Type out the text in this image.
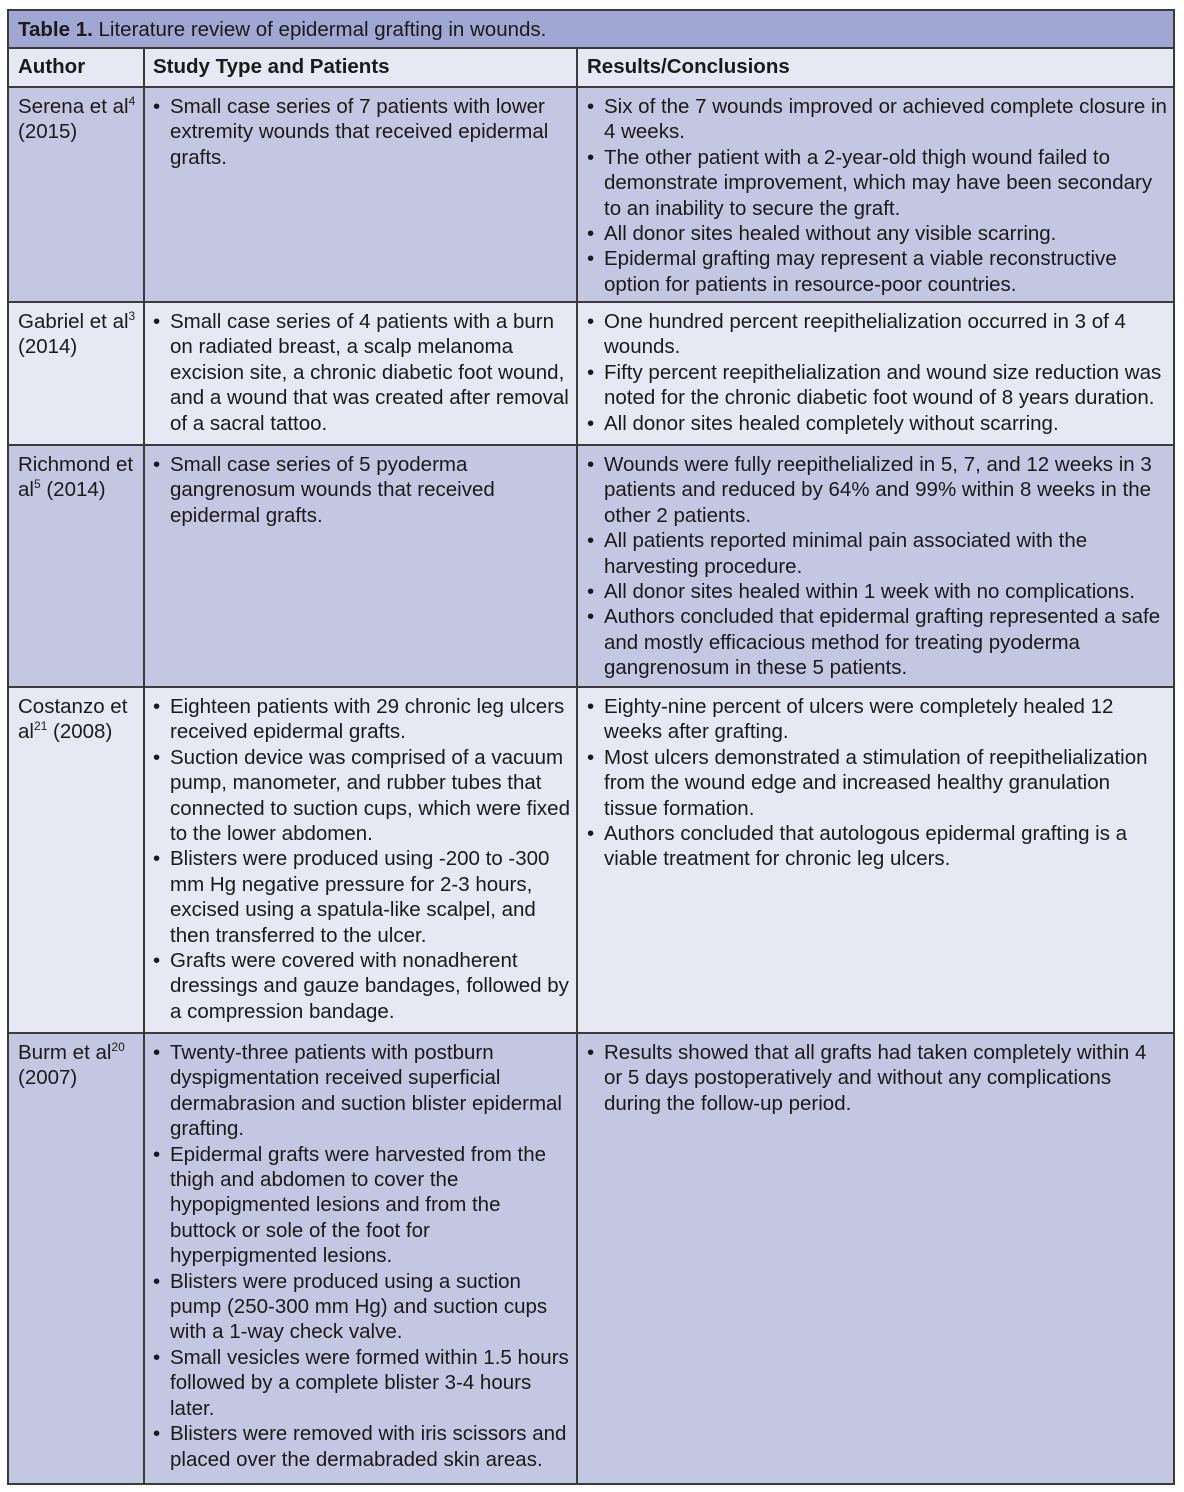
Table 1. Literature review of epidermal grafting in wounds.
Author	Study Type and Patients	Results/Conclusions
Serena et $al^4$
(2015)
• Small case series of 7 patients with lower extremity wounds that received epidermal grafts.
• Six of the 7 wounds improved or achieved complete closure in 4 weeks.
• The other patient with a 2-year-old thigh wound failed to demonstrate improvement, which may have been secondary to an inability to secure the graft.
• All donor sites healed without any visible scarring.
• Epidermal grafting may represent a viable reconstructive option for patients in resource-poor countries.
Gabriel et $al^3$
(2014)
• Small case series of 4 patients with a burn on radiated breast, a scalp melanoma excision site, a chronic diabetic foot wound, and a wound that was created after removal of a sacral tattoo.
• One hundred percent reepithelialization occurred in 3 of 4 wounds.
• Fifty percent reepithelialization and wound size reduction was noted for the chronic diabetic foot wound of 8 years duration.
• All donor sites healed completely without scarring.
Richmond et $al^5$ (2014)
• Small case series of 5 pyoderma gangrenosum wounds that received epidermal grafts.
• Wounds were fully reepithelialized in 5, 7, and 12 weeks in 3 patients and reduced by 64% and 99% within 8 weeks in the other 2 patients.
• All patients reported minimal pain associated with the harvesting procedure.
• All donor sites healed within 1 week with no complications.
• Authors concluded that epidermal grafting represented a safe and mostly efficacious method for treating pyoderma gangrenosum in these 5 patients.
Costanzo et $al^{21}$ (2008)
• Eighteen patients with 29 chronic leg ulcers received epidermal grafts.
• Suction device was comprised of a vacuum pump, manometer, and rubber tubes that connected to suction cups, which were fixed to the lower abdomen.
• Blisters were produced using -200 to -300 mm Hg negative pressure for 2-3 hours, excised using a spatula-like scalpel, and then transferred to the ulcer.
• Grafts were covered with nonadherent dressings and gauze bandages, followed by a compression bandage.
• Eighty-nine percent of ulcers were completely healed 12 weeks after grafting.
• Most ulcers demonstrated a stimulation of reepithelialization from the wound edge and increased healthy granulation tissue formation.
• Authors concluded that autologous epidermal grafting is a viable treatment for chronic leg ulcers.
Burm et $al^{20}$
(2007)
• Twenty-three patients with postburn dyspigmentation received superficial dermabrasion and suction blister epidermal grafting.
• Epidermal grafts were harvested from the thigh and abdomen to cover the hypopigmented lesions and from the buttock or sole of the foot for hyperpigmented lesions.
• Blisters were produced using a suction pump (250-300 mm Hg) and suction cups with a 1-way check valve.
• Small vesicles were formed within 1.5 hours followed by a complete blister 3-4 hours later.
• Blisters were removed with iris scissors and placed over the dermabraded skin areas.
• Results showed that all grafts had taken completely within 4 or 5 days postoperatively and without any complications during the follow-up period.
